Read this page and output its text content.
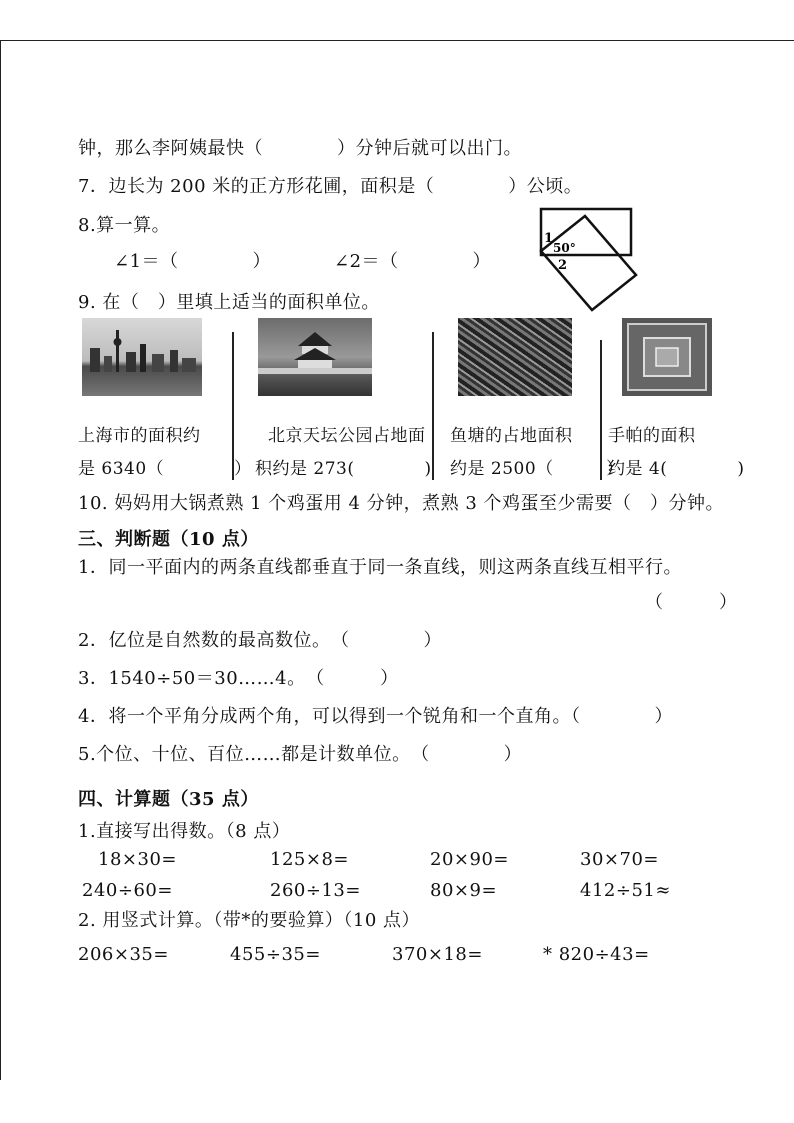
钟，那么李阿姨最快（　　　　）分钟后就可以出门。
7．边长为 200 米的正方形花圃，面积是（　　　　）公顷。
8.算一算。
∠1＝（　　　　）	∠2＝（　　　　）
1
50°
2
9. 在（　）里填上适当的面积单位。
上海市的面积约
是 6340（　　　　）
北京天坛公园占地面
积约是 273(　　　　)
鱼塘的占地面积
约是 2500（　　　）
手帕的面积
约是 4(　　　　)
10. 妈妈用大锅煮熟 1 个鸡蛋用 4 分钟，煮熟 3 个鸡蛋至少需要（　）分钟。
三、判断题（10 点）
1．同一平面内的两条直线都垂直于同一条直线，则这两条直线互相平行。
（　　　）
2．亿位是自然数的最高数位。　（　　　　）
3．1540÷50＝30……4。　（　　　）
4．将一个平角分成两个角，可以得到一个锐角和一个直角。（　　　　）
5.个位、十位、百位……都是计数单位。　（　　　　）
四、计算题（35 点）
1.直接写出得数。（8 点）
18×30=	125×8=	20×90=	30×70=
240÷60=	260÷13=	80×9=	412÷51≈
2. 用竖式计算。（带*的要验算）（10 点）
206×35=	455÷35=	370×18=	* 820÷43=
